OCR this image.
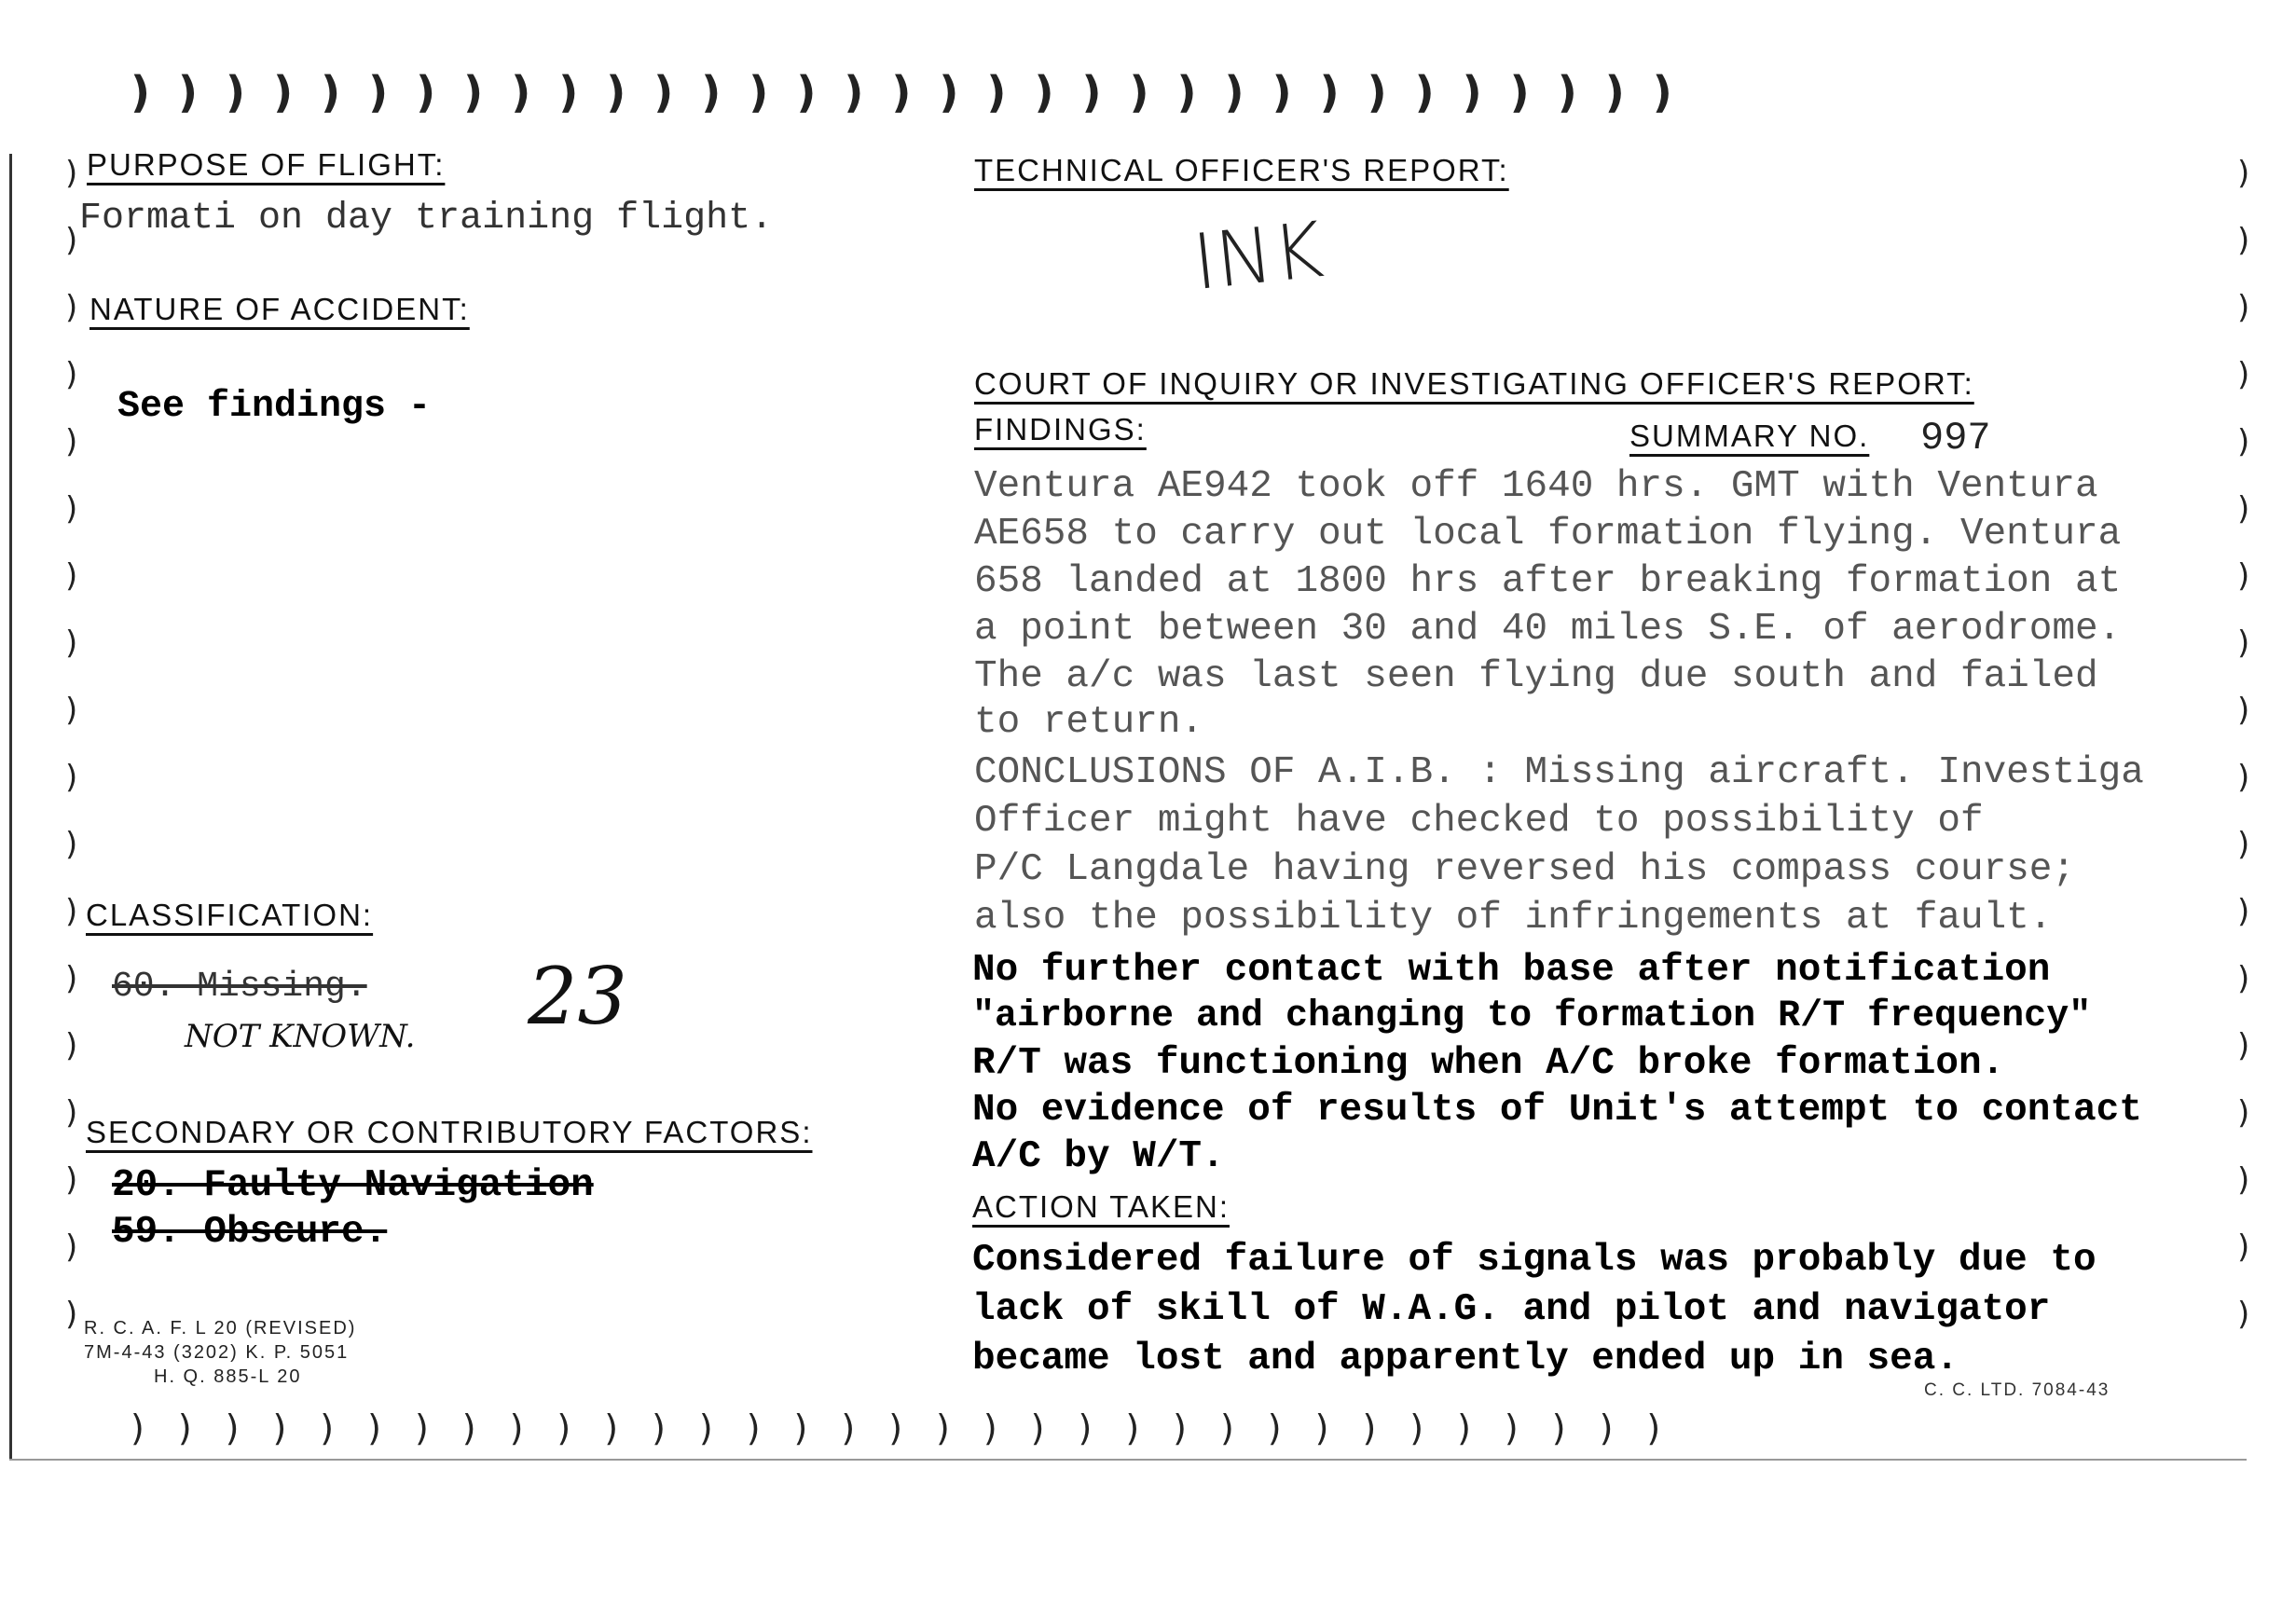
)))))))))))))))))))))))))))))))))
)))))))))))))))))))))))))))))))))
)
)
)
)
)
)
)
)
)
)
)
)
)
)
)
)
)
)
)
)
)
)
)
)
)
)
)
)
)
)
)
)
)
)
)
)
PURPOSE OF FLIGHT:
Formati on day training flight.
NATURE OF ACCIDENT:
See findings -
CLASSIFICATION:
60. Missing.
NOT KNOWN. 23
SECONDARY OR CONTRIBUTORY FACTORS:
20. Faulty Navigation
59. Obscure.
R. C. A. F. L 20 (REVISED)
7M-4-43 (3202) K. P. 5051
H. Q. 885-L 20
TECHNICAL OFFICER'S REPORT:
INK
COURT OF INQUIRY OR INVESTIGATING OFFICER'S REPORT:
FINDINGS:	SUMMARY NO. 997
Ventura AE942 took off 1640 hrs. GMT with Ventura
AE658 to carry out local formation flying. Ventura
658 landed at 1800 hrs after breaking formation at
a point between 30 and 40 miles S.E. of aerodrome.
The a/c was last seen flying due south and failed
to return.
CONCLUSIONS OF A.I.B. : Missing aircraft. Investiga
Officer might have checked to possibility of
P/C Langdale having reversed his compass course;
also the possibility of infringements at fault.
No further contact with base after notification
"airborne and changing to formation R/T frequency"
R/T was functioning when A/C broke formation.
No evidence of results of Unit's attempt to contact
A/C by W/T.
ACTION TAKEN:
Considered failure of signals was probably due to
lack of skill of W.A.G. and pilot and navigator
became lost and apparently ended up in sea.
C. C. LTD. 7084-43
